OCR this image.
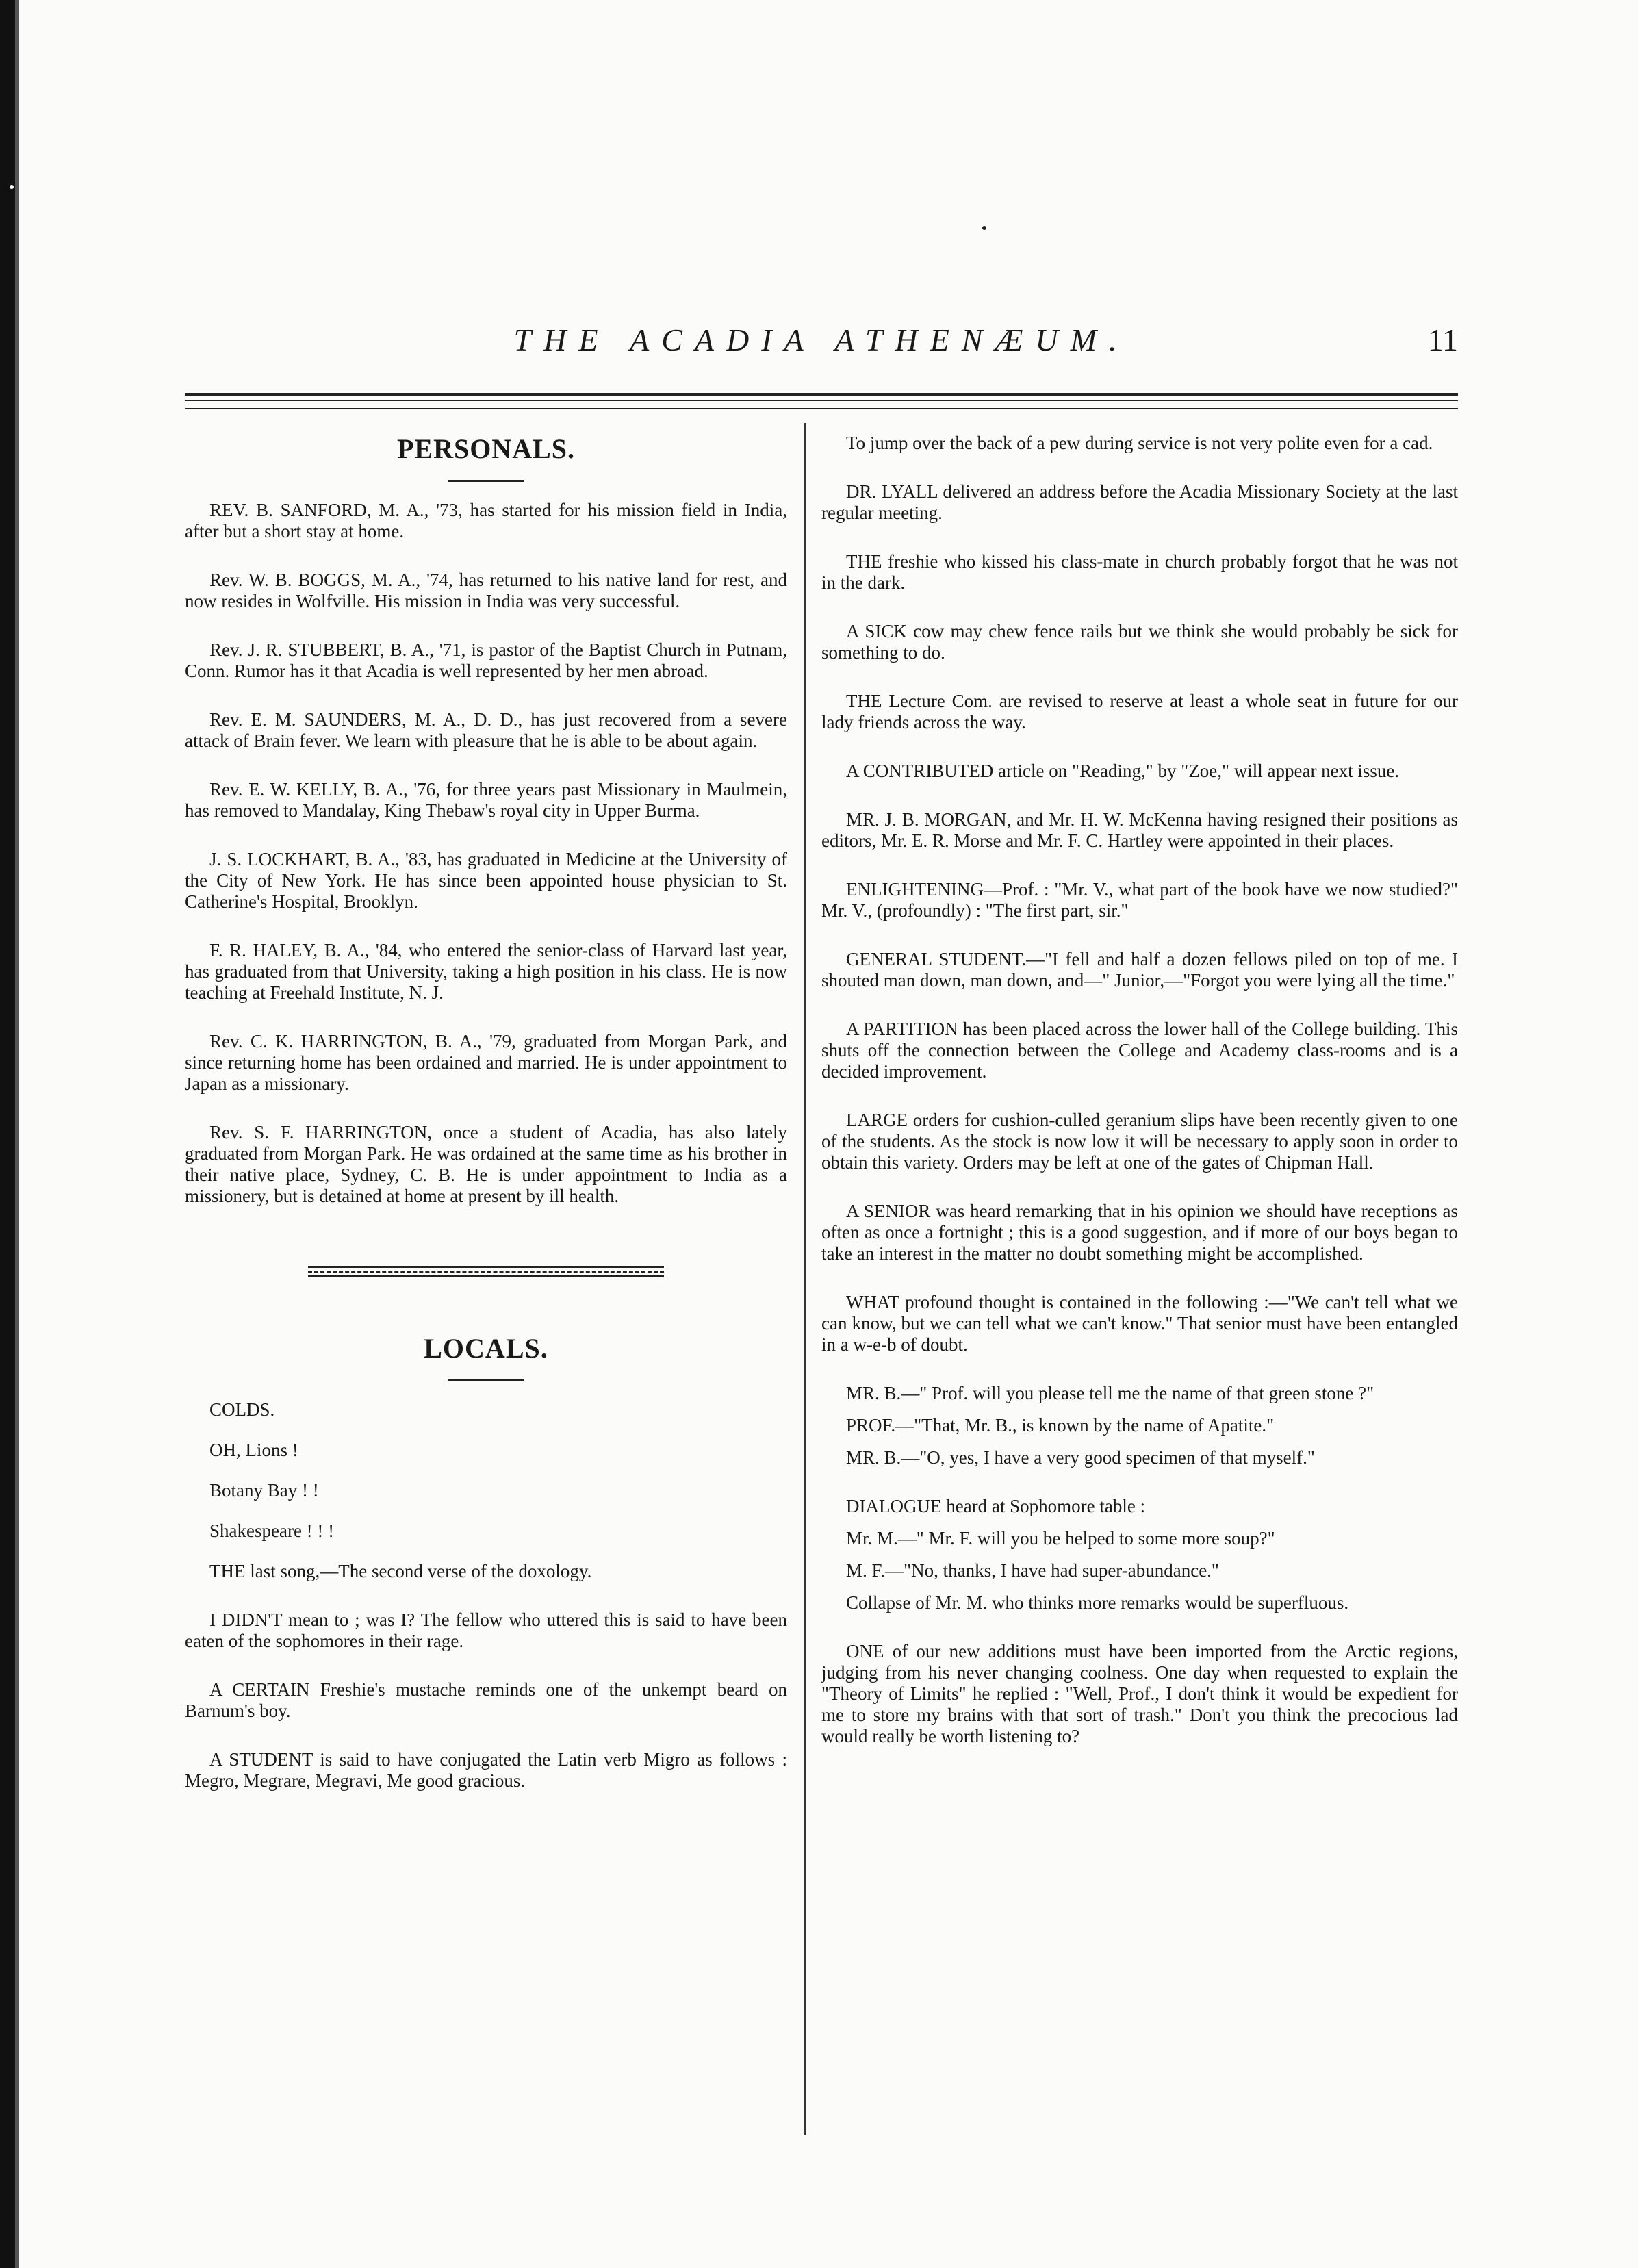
THE ACADIA ATHENÆUM.	11
PERSONALS.

REV. B. SANFORD, M. A., '73, has started for his mission field in India, after but a short stay at home.

Rev. W. B. BOGGS, M. A., '74, has returned to his native land for rest, and now resides in Wolfville. His mission in India was very successful.

Rev. J. R. STUBBERT, B. A., '71, is pastor of the Baptist Church in Putnam, Conn. Rumor has it that Acadia is well represented by her men abroad.

Rev. E. M. SAUNDERS, M. A., D. D., has just recovered from a severe attack of Brain fever. We learn with pleasure that he is able to be about again.

Rev. E. W. KELLY, B. A., '76, for three years past Missionary in Maulmein, has removed to Mandalay, King Thebaw's royal city in Upper Burma.

J. S. LOCKHART, B. A., '83, has graduated in Medicine at the University of the City of New York. He has since been appointed house physician to St. Catherine's Hospital, Brooklyn.

F. R. HALEY, B. A., '84, who entered the senior-class of Harvard last year, has graduated from that University, taking a high position in his class. He is now teaching at Freehald Institute, N. J.

Rev. C. K. HARRINGTON, B. A., '79, graduated from Morgan Park, and since returning home has been ordained and married. He is under appointment to Japan as a missionary.

Rev. S. F. HARRINGTON, once a student of Acadia, has also lately graduated from Morgan Park. He was ordained at the same time as his brother in their native place, Sydney, C. B. He is under appointment to India as a missionery, but is detained at home at present by ill health.

LOCALS.

COLDS.

OH, Lions !

Botany Bay ! !

Shakespeare ! ! !

THE last song,—The second verse of the doxology.

I DIDN'T mean to ; was I? The fellow who uttered this is said to have been eaten of the sophomores in their rage.

A CERTAIN Freshie's mustache reminds one of the unkempt beard on Barnum's boy.

A STUDENT is said to have conjugated the Latin verb Migro as follows : Megro, Megrare, Megravi, Me good gracious.

To jump over the back of a pew during service is not very polite even for a cad.

DR. LYALL delivered an address before the Acadia Missionary Society at the last regular meeting.

THE freshie who kissed his class-mate in church probably forgot that he was not in the dark.

A SICK cow may chew fence rails but we think she would probably be sick for something to do.

THE Lecture Com. are revised to reserve at least a whole seat in future for our lady friends across the way.

A CONTRIBUTED article on "Reading," by "Zoe," will appear next issue.

MR. J. B. MORGAN, and Mr. H. W. McKenna having resigned their positions as editors, Mr. E. R. Morse and Mr. F. C. Hartley were appointed in their places.

ENLIGHTENING—Prof. : "Mr. V., what part of the book have we now studied?" Mr. V., (profoundly) : "The first part, sir."

GENERAL STUDENT.—"I fell and half a dozen fellows piled on top of me. I shouted man down, man down, and—" Junior,—"Forgot you were lying all the time."

A PARTITION has been placed across the lower hall of the College building. This shuts off the connection between the College and Academy class-rooms and is a decided improvement.

LARGE orders for cushion-culled geranium slips have been recently given to one of the students. As the stock is now low it will be necessary to apply soon in order to obtain this variety. Orders may be left at one of the gates of Chipman Hall.

A SENIOR was heard remarking that in his opinion we should have receptions as often as once a fortnight ; this is a good suggestion, and if more of our boys began to take an interest in the matter no doubt something might be accomplished.

WHAT profound thought is contained in the following :—"We can't tell what we can know, but we can tell what we can't know." That senior must have been entangled in a w-e-b of doubt.

MR. B.—" Prof. will you please tell me the name of that green stone ?"

PROF.—"That, Mr. B., is known by the name of Apatite."

MR. B.—"O, yes, I have a very good specimen of that myself."

DIALOGUE heard at Sophomore table :

Mr. M.—" Mr. F. will you be helped to some more soup?"

M. F.—"No, thanks, I have had super-abundance."

Collapse of Mr. M. who thinks more remarks would be superfluous.

ONE of our new additions must have been imported from the Arctic regions, judging from his never changing coolness. One day when requested to explain the "Theory of Limits" he replied : "Well, Prof., I don't think it would be expedient for me to store my brains with that sort of trash." Don't you think the precocious lad would really be worth listening to?
